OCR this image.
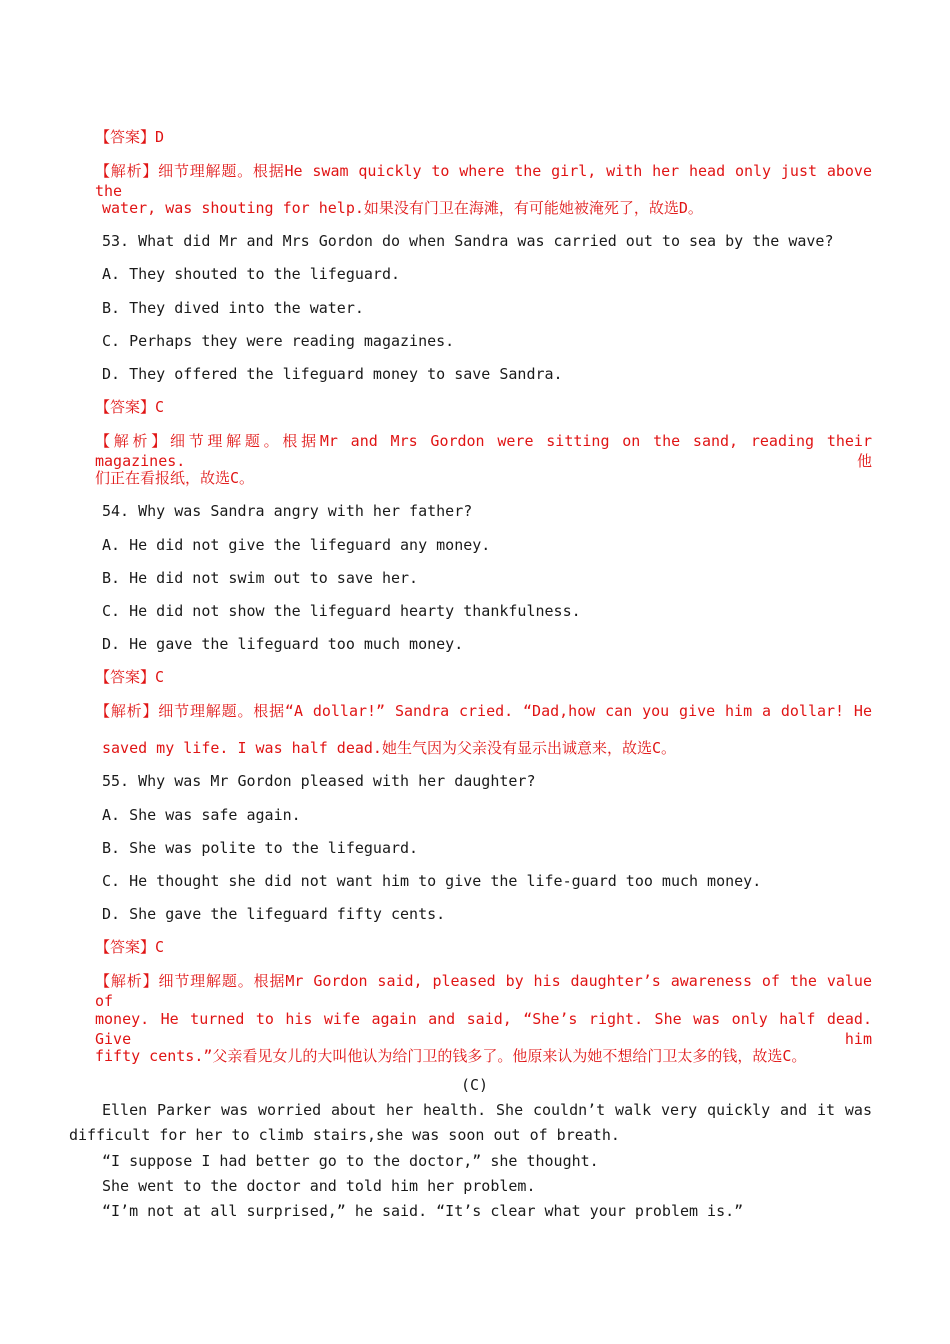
【答案】D
【解析】细节理解题。根据He swam quickly to where the girl, with her head only just above the
water, was shouting for help.如果没有门卫在海滩，有可能她被淹死了，故选D。
53. What did Mr and Mrs Gordon do when Sandra was carried out to sea by the wave?
A. They shouted to the lifeguard.
B. They dived into the water.
C. Perhaps they were reading magazines.
D. They offered the lifeguard money to save Sandra.
【答案】C
【解析】细节理解题。根据Mr and Mrs Gordon were sitting on the sand, reading their magazines.他
们正在看报纸，故选C。
54. Why was Sandra angry with her father?
A. He did not give the lifeguard any money.
B. He did not swim out to save her.
C. He did not show the lifeguard hearty thankfulness.
D. He gave the lifeguard too much money.
【答案】C
【解析】细节理解题。根据“A dollar!” Sandra cried. “Dad,how can you give him a dollar! He
saved my life. I was half dead.她生气因为父亲没有显示出诚意来，故选C。
55. Why was Mr Gordon pleased with her daughter?
A. She was safe again.
B. She was polite to the lifeguard.
C. He thought she did not want him to give the life-guard too much money.
D. She gave the lifeguard fifty cents.
【答案】C
【解析】细节理解题。根据Mr Gordon said, pleased by his daughter’s awareness of the value of
money. He turned to his wife again and said, “She’s right. She was only half dead. Give him
fifty cents.”父亲看见女儿的大叫他认为给门卫的钱多了。他原来认为她不想给门卫太多的钱，故选C。
(C)
Ellen Parker was worried about her health. She couldn’t walk very quickly and it was
difficult for her to climb stairs,she was soon out of breath.
“I suppose I had better go to the doctor,” she thought.
She went to the doctor and told him her problem.
“I’m not at all surprised,” he said. “It’s clear what your problem is.”
